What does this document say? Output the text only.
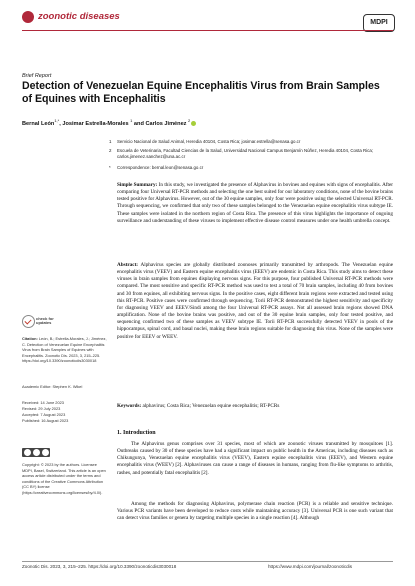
zoonotic diseases
MDPI
Brief Report
Detection of Venezuelan Equine Encephalitis Virus from Brain Samples of Equines with Encephalitis
Bernal León$^{1,*}$, Josimar Estrella-Morales $^1$ and Carlos Jiménez $^2$
1 Servicio Nacional de Salud Animal, Heredia 40104, Costa Rica; josimar.estrella@senasa.go.cr
2 Escuela de Veterinaria, Facultad Ciencias de la Salud, Universidad Nacional Campus Benjamín Núñez, Heredia 40104, Costa Rica; carlos.jimenez.sanchez@una.ac.cr
* Correspondence: bernal.leon@senasa.go.cr
Simple Summary: In this study, we investigated the presence of Alphavirus in bovines and equines with signs of encephalitis. After comparing four Universal RT-PCR methods and selecting the one best suited for our laboratory conditions, none of the bovine brains tested positive for Alphavirus. However, out of the 30 equine samples, only four were positive using the selected Universal RT-PCR. Through sequencing, we confirmed that only two of these samples belonged to the Venezuelan equine encephalitis virus subtype IE. These samples were isolated in the northern region of Costa Rica. The presence of this virus highlights the importance of ongoing surveillance and understanding of these viruses to implement effective disease control measures under one health umbrella concept.
Abstract: Alphavirus species are globally distributed zoonoses primarily transmitted by arthropods. The Venezuelan equine encephalitis virus (VEEV) and Eastern equine encephalitis virus (EEEV) are endemic in Costa Rica. This study aims to detect these viruses in brain samples from equines displaying nervous signs. For this purpose, four published Universal RT-PCR methods were compared. The most sensitive and specific RT-PCR method was used to test a total of 70 brain samples, including 40 from bovines and 30 from equines, all exhibiting nervous signs. In the positive cases, eight different brain regions were extracted and tested using this RT-PCR. Positive cases were confirmed through sequencing. Torii RT-PCR demonstrated the highest sensitivity and specificity for diagnosing VEEV and EEEV/Sindi among the four Universal RT-PCR assays. Not all assessed brain regions showed DNA amplification. None of the bovine brains was positive, and out of the 30 equine brain samples, only four tested positive, and sequencing confirmed two of these samples as VEEV subtype IE. Torii RT-PCR successfully detected VEEV in pools of the hippocampus, spinal cord, and basal nuclei, making these brain regions suitable for diagnosing this virus. None of the samples were positive for EEEV or WEEV.
Keywords: alphavirus; Costa Rica; Venezuelan equine encephalitis; RT-PCRs
1. Introduction
The Alphavirus genus comprises over 31 species, most of which are zoonotic viruses transmitted by mosquitoes [1]. Outbreaks caused by 30 of these species have had a significant impact on public health in the Americas, including diseases such as Chikungunya, Venezuelan equine encephalitis virus (VEEV), Eastern equine encephalitis virus (EEEV), and Western equine encephalitis virus (WEEV) [2]. Alphaviruses can cause a range of diseases in humans, ranging from flu-like symptoms to arthritis, rashes, and potentially fatal encephalitis [2].
Among the methods for diagnosing Alphavirus, polymerase chain reaction (PCR) is a reliable and sensitive technique. Various PCR variants have been developed to reduce costs while maintaining accuracy [3]. Universal PCR is one such variant that can detect virus families or genera by targeting multiple species in a single reaction [4]. Although
check for updates
Citation: León, B.; Estrella-Morales, J.; Jiménez, C. Detection of Venezuelan Equine Encephalitis Virus from Brain Samples of Equines with Encephalitis. Zoonotic Dis. 2023, 3, 215–225. https://doi.org/10.3390/zoonoticdis3030018
Academic Editor: Stephen K. Wikel
Received: 14 June 2023
Revised: 29 July 2023
Accepted: 7 August 2023
Published: 16 August 2023
Copyright: © 2023 by the authors. Licensee MDPI, Basel, Switzerland. This article is an open access article distributed under the terms and conditions of the Creative Commons Attribution (CC BY) license (https://creativecommons.org/licenses/by/4.0/).
Zoonotic Dis. 2023, 3, 215–225. https://doi.org/10.3390/zoonoticdis3030018	https://www.mdpi.com/journal/zoonoticdis
